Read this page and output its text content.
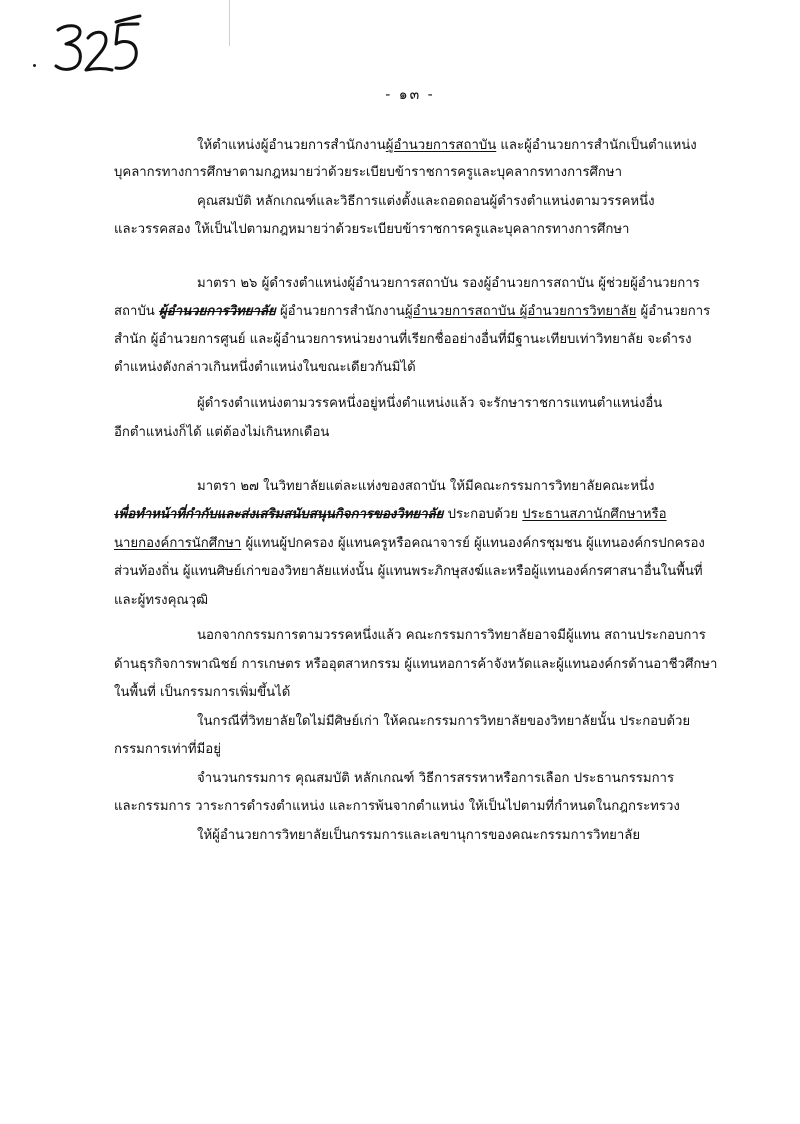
- ๑๓ -
ให้ตำแหน่งผู้อำนวยการสำนักงานผู้อำนวยการสถาบัน และผู้อำนวยการสำนักเป็นตำแหน่ง
บุคลากรทางการศึกษาตามกฎหมายว่าด้วยระเบียบข้าราชการครูและบุคลากรทางการศึกษา
คุณสมบัติ หลักเกณฑ์และวิธีการแต่งตั้งและถอดถอนผู้ดำรงตำแหน่งตามวรรคหนึ่ง
และวรรคสอง ให้เป็นไปตามกฎหมายว่าด้วยระเบียบข้าราชการครูและบุคลากรทางการศึกษา
มาตรา ๒๖ ผู้ดำรงตำแหน่งผู้อำนวยการสถาบัน รองผู้อำนวยการสถาบัน ผู้ช่วยผู้อำนวยการ
สถาบัน ผู้อำนวยการวิทยาลัย ผู้อำนวยการสำนักงานผู้อำนวยการสถาบัน ผู้อำนวยการวิทยาลัย ผู้อำนวยการ
สำนัก ผู้อำนวยการศูนย์ และผู้อำนวยการหน่วยงานที่เรียกชื่ออย่างอื่นที่มีฐานะเทียบเท่าวิทยาลัย จะดำรง
ตำแหน่งดังกล่าวเกินหนึ่งตำแหน่งในขณะเดียวกันมิได้
ผู้ดำรงตำแหน่งตามวรรคหนึ่งอยู่หนึ่งตำแหน่งแล้ว จะรักษาราชการแทนตำแหน่งอื่น
อีกตำแหน่งก็ได้ แต่ต้องไม่เกินหกเดือน
มาตรา ๒๗ ในวิทยาลัยแต่ละแห่งของสถาบัน ให้มีคณะกรรมการวิทยาลัยคณะหนึ่ง
เพื่อทำหน้าที่กำกับและส่งเสริมสนับสนุนกิจการของวิทยาลัย ประกอบด้วย ประธานสภานักศึกษาหรือ
นายกองค์การนักศึกษา ผู้แทนผู้ปกครอง ผู้แทนครูหรือคณาจารย์ ผู้แทนองค์กรชุมชน ผู้แทนองค์กรปกครอง
ส่วนท้องถิ่น ผู้แทนศิษย์เก่าของวิทยาลัยแห่งนั้น ผู้แทนพระภิกษุสงฆ์และหรือผู้แทนองค์กรศาสนาอื่นในพื้นที่
และผู้ทรงคุณวุฒิ
นอกจากกรรมการตามวรรคหนึ่งแล้ว คณะกรรมการวิทยาลัยอาจมีผู้แทน สถานประกอบการ
ด้านธุรกิจการพาณิชย์ การเกษตร หรืออุตสาหกรรม ผู้แทนหอการค้าจังหวัดและผู้แทนองค์กรด้านอาชีวศึกษา
ในพื้นที่ เป็นกรรมการเพิ่มขึ้นได้
ในกรณีที่วิทยาลัยใดไม่มีศิษย์เก่า ให้คณะกรรมการวิทยาลัยของวิทยาลัยนั้น ประกอบด้วย
กรรมการเท่าที่มีอยู่
จำนวนกรรมการ คุณสมบัติ หลักเกณฑ์ วิธีการสรรหาหรือการเลือก ประธานกรรมการ
และกรรมการ วาระการดำรงตำแหน่ง และการพ้นจากตำแหน่ง ให้เป็นไปตามที่กำหนดในกฎกระทรวง
ให้ผู้อำนวยการวิทยาลัยเป็นกรรมการและเลขานุการของคณะกรรมการวิทยาลัย
